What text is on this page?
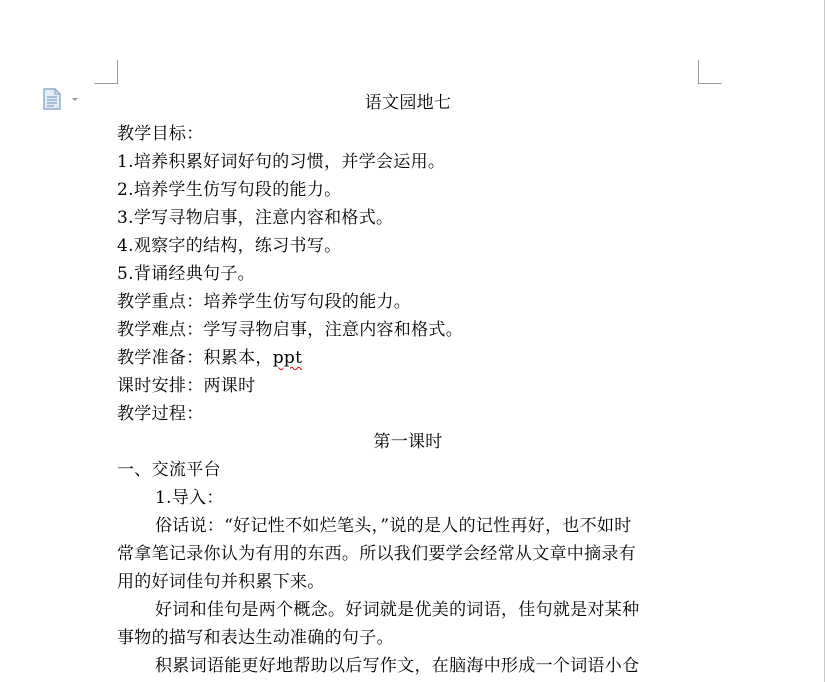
语文园地七
教学目标：
1.培养积累好词好句的习惯，并学会运用。
2.培养学生仿写句段的能力。
3.学写寻物启事，注意内容和格式。
4.观察字的结构，练习书写。
5.背诵经典句子。
教学重点：培养学生仿写句段的能力。
教学难点：学写寻物启事，注意内容和格式。
教学准备：积累本，ppt
课时安排：两课时
教学过程：
第一课时
一、交流平台
1.导入：
俗话说：“好记性不如烂笔头，”说的是人的记性再好，也不如时
常拿笔记录你认为有用的东西。所以我们要学会经常从文章中摘录有
用的好词佳句并积累下来。
好词和佳句是两个概念。好词就是优美的词语，佳句就是对某种
事物的描写和表达生动准确的句子。
积累词语能更好地帮助以后写作文，在脑海中形成一个词语小仓
